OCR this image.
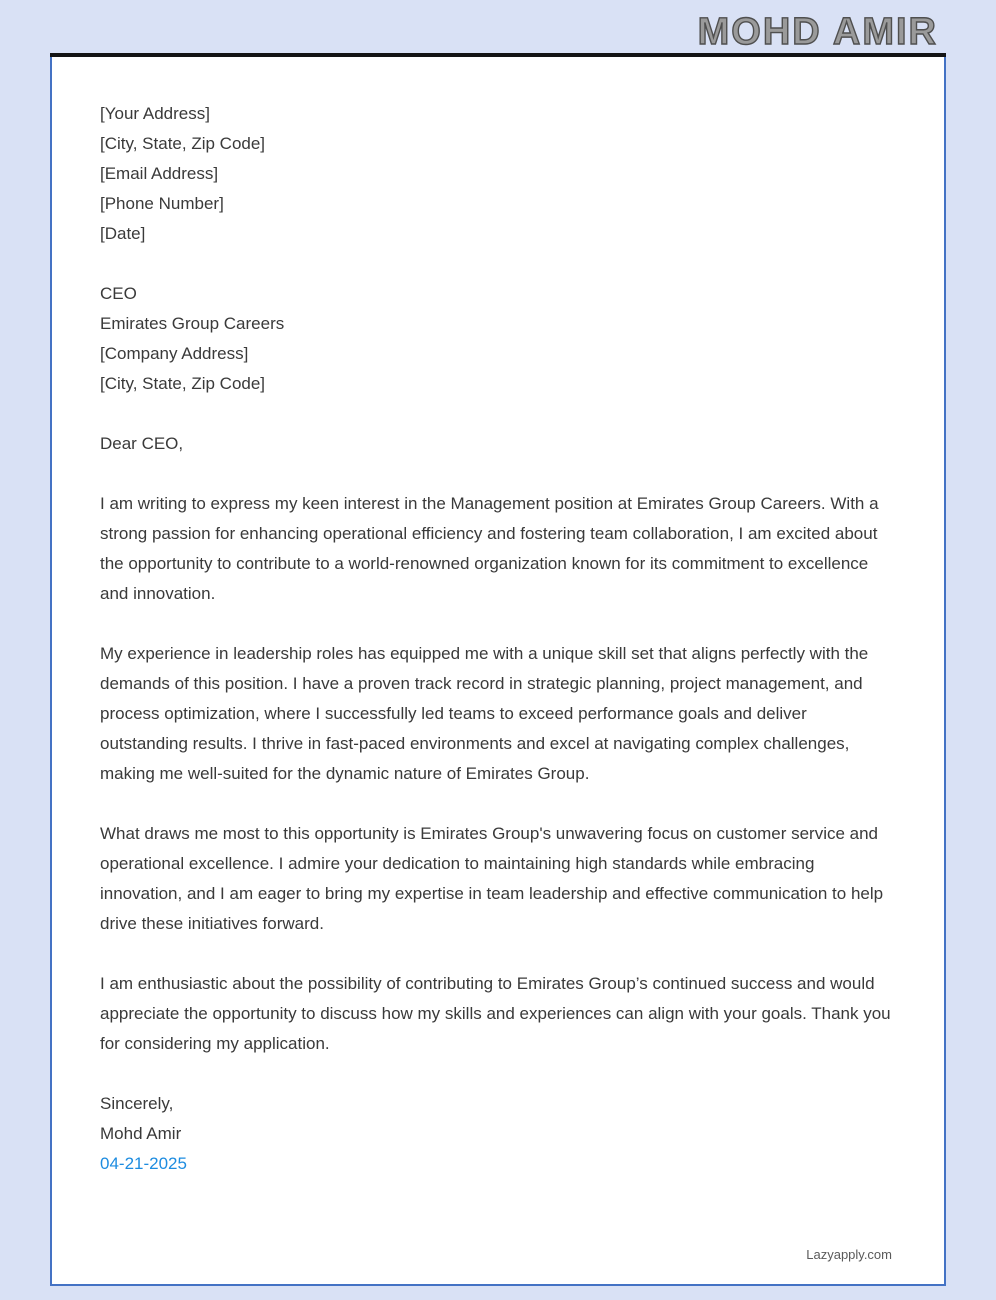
MOHD AMIR

[Your Address]

[City, State, Zip Code]

[Email Address]

[Phone Number]

[Date]

CEO

Emirates Group Careers

[Company Address]

[City, State, Zip Code]

Dear CEO,

I am writing to express my keen interest in the Management position at Emirates Group Careers. With a strong passion for enhancing operational efficiency and fostering team collaboration, I am excited about the opportunity to contribute to a world-renowned organization known for its commitment to excellence and innovation.

My experience in leadership roles has equipped me with a unique skill set that aligns perfectly with the demands of this position. I have a proven track record in strategic planning, project management, and process optimization, where I successfully led teams to exceed performance goals and deliver outstanding results. I thrive in fast-paced environments and excel at navigating complex challenges, making me well-suited for the dynamic nature of Emirates Group.

What draws me most to this opportunity is Emirates Group's unwavering focus on customer service and operational excellence. I admire your dedication to maintaining high standards while embracing innovation, and I am eager to bring my expertise in team leadership and effective communication to help drive these initiatives forward.

I am enthusiastic about the possibility of contributing to Emirates Group’s continued success and would appreciate the opportunity to discuss how my skills and experiences can align with your goals. Thank you for considering my application.

Sincerely,

Mohd Amir

04-21-2025

Lazyapply.com
